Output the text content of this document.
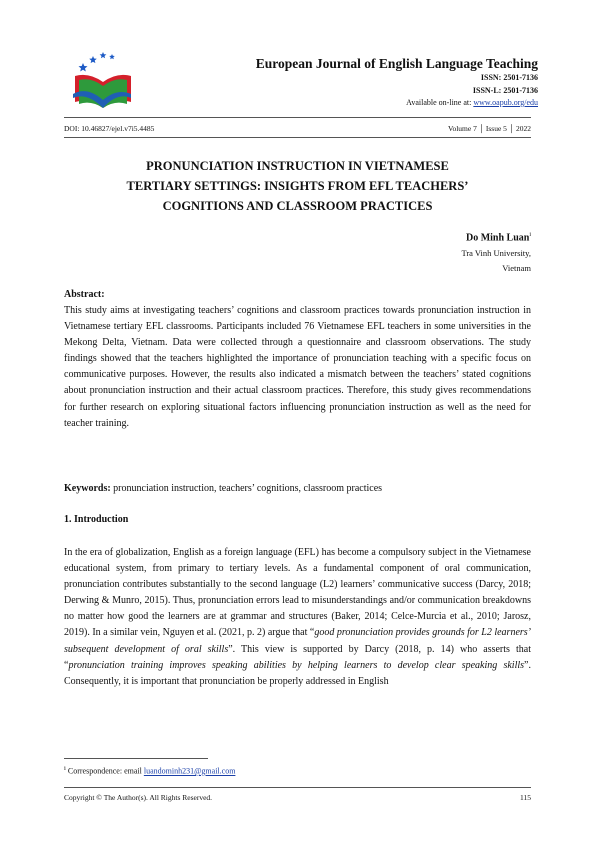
European Journal of English Language Teaching
ISSN: 2501-7136
ISSN-L: 2501-7136
Available on-line at: www.oapub.org/edu
DOI: 10.46827/ejel.v7i5.4485	Volume 7 │ Issue 5 │ 2022
PRONUNCIATION INSTRUCTION IN VIETNAMESE
TERTIARY SETTINGS: INSIGHTS FROM EFL TEACHERS’
COGNITIONS AND CLASSROOM PRACTICES
Do Minh Luan$^i$
Tra Vinh University,
Vietnam
Abstract:
This study aims at investigating teachers’ cognitions and classroom practices towards pronunciation instruction in Vietnamese tertiary EFL classrooms. Participants included 76 Vietnamese EFL teachers in some universities in the Mekong Delta, Vietnam. Data were collected through a questionnaire and classroom observations. The study findings showed that the teachers highlighted the importance of pronunciation teaching with a specific focus on communicative purposes. However, the results also indicated a mismatch between the teachers’ stated cognitions about pronunciation instruction and their actual classroom practices. Therefore, this study gives recommendations for further research on exploring situational factors influencing pronunciation instruction as well as the need for teacher training.
Keywords: pronunciation instruction, teachers’ cognitions, classroom practices
1. Introduction
In the era of globalization, English as a foreign language (EFL) has become a compulsory subject in the Vietnamese educational system, from primary to tertiary levels. As a fundamental component of oral communication, pronunciation contributes substantially to the second language (L2) learners’ communicative success (Darcy, 2018; Derwing & Munro, 2015). Thus, pronunciation errors lead to misunderstandings and/or communication breakdowns no matter how good the learners are at grammar and structures (Baker, 2014; Celce-Murcia et al., 2010; Jarosz, 2019). In a similar vein, Nguyen et al. (2021, p. 2) argue that “good pronunciation provides grounds for L2 learners’ subsequent development of oral skills”. This view is supported by Darcy (2018, p. 14) who asserts that “pronunciation training improves speaking abilities by helping learners to develop clear speaking skills”. Consequently, it is important that pronunciation be properly addressed in English
$^i$ Correspondence: email luandominh231@gmail.com
Copyright © The Author(s). All Rights Reserved.	115
